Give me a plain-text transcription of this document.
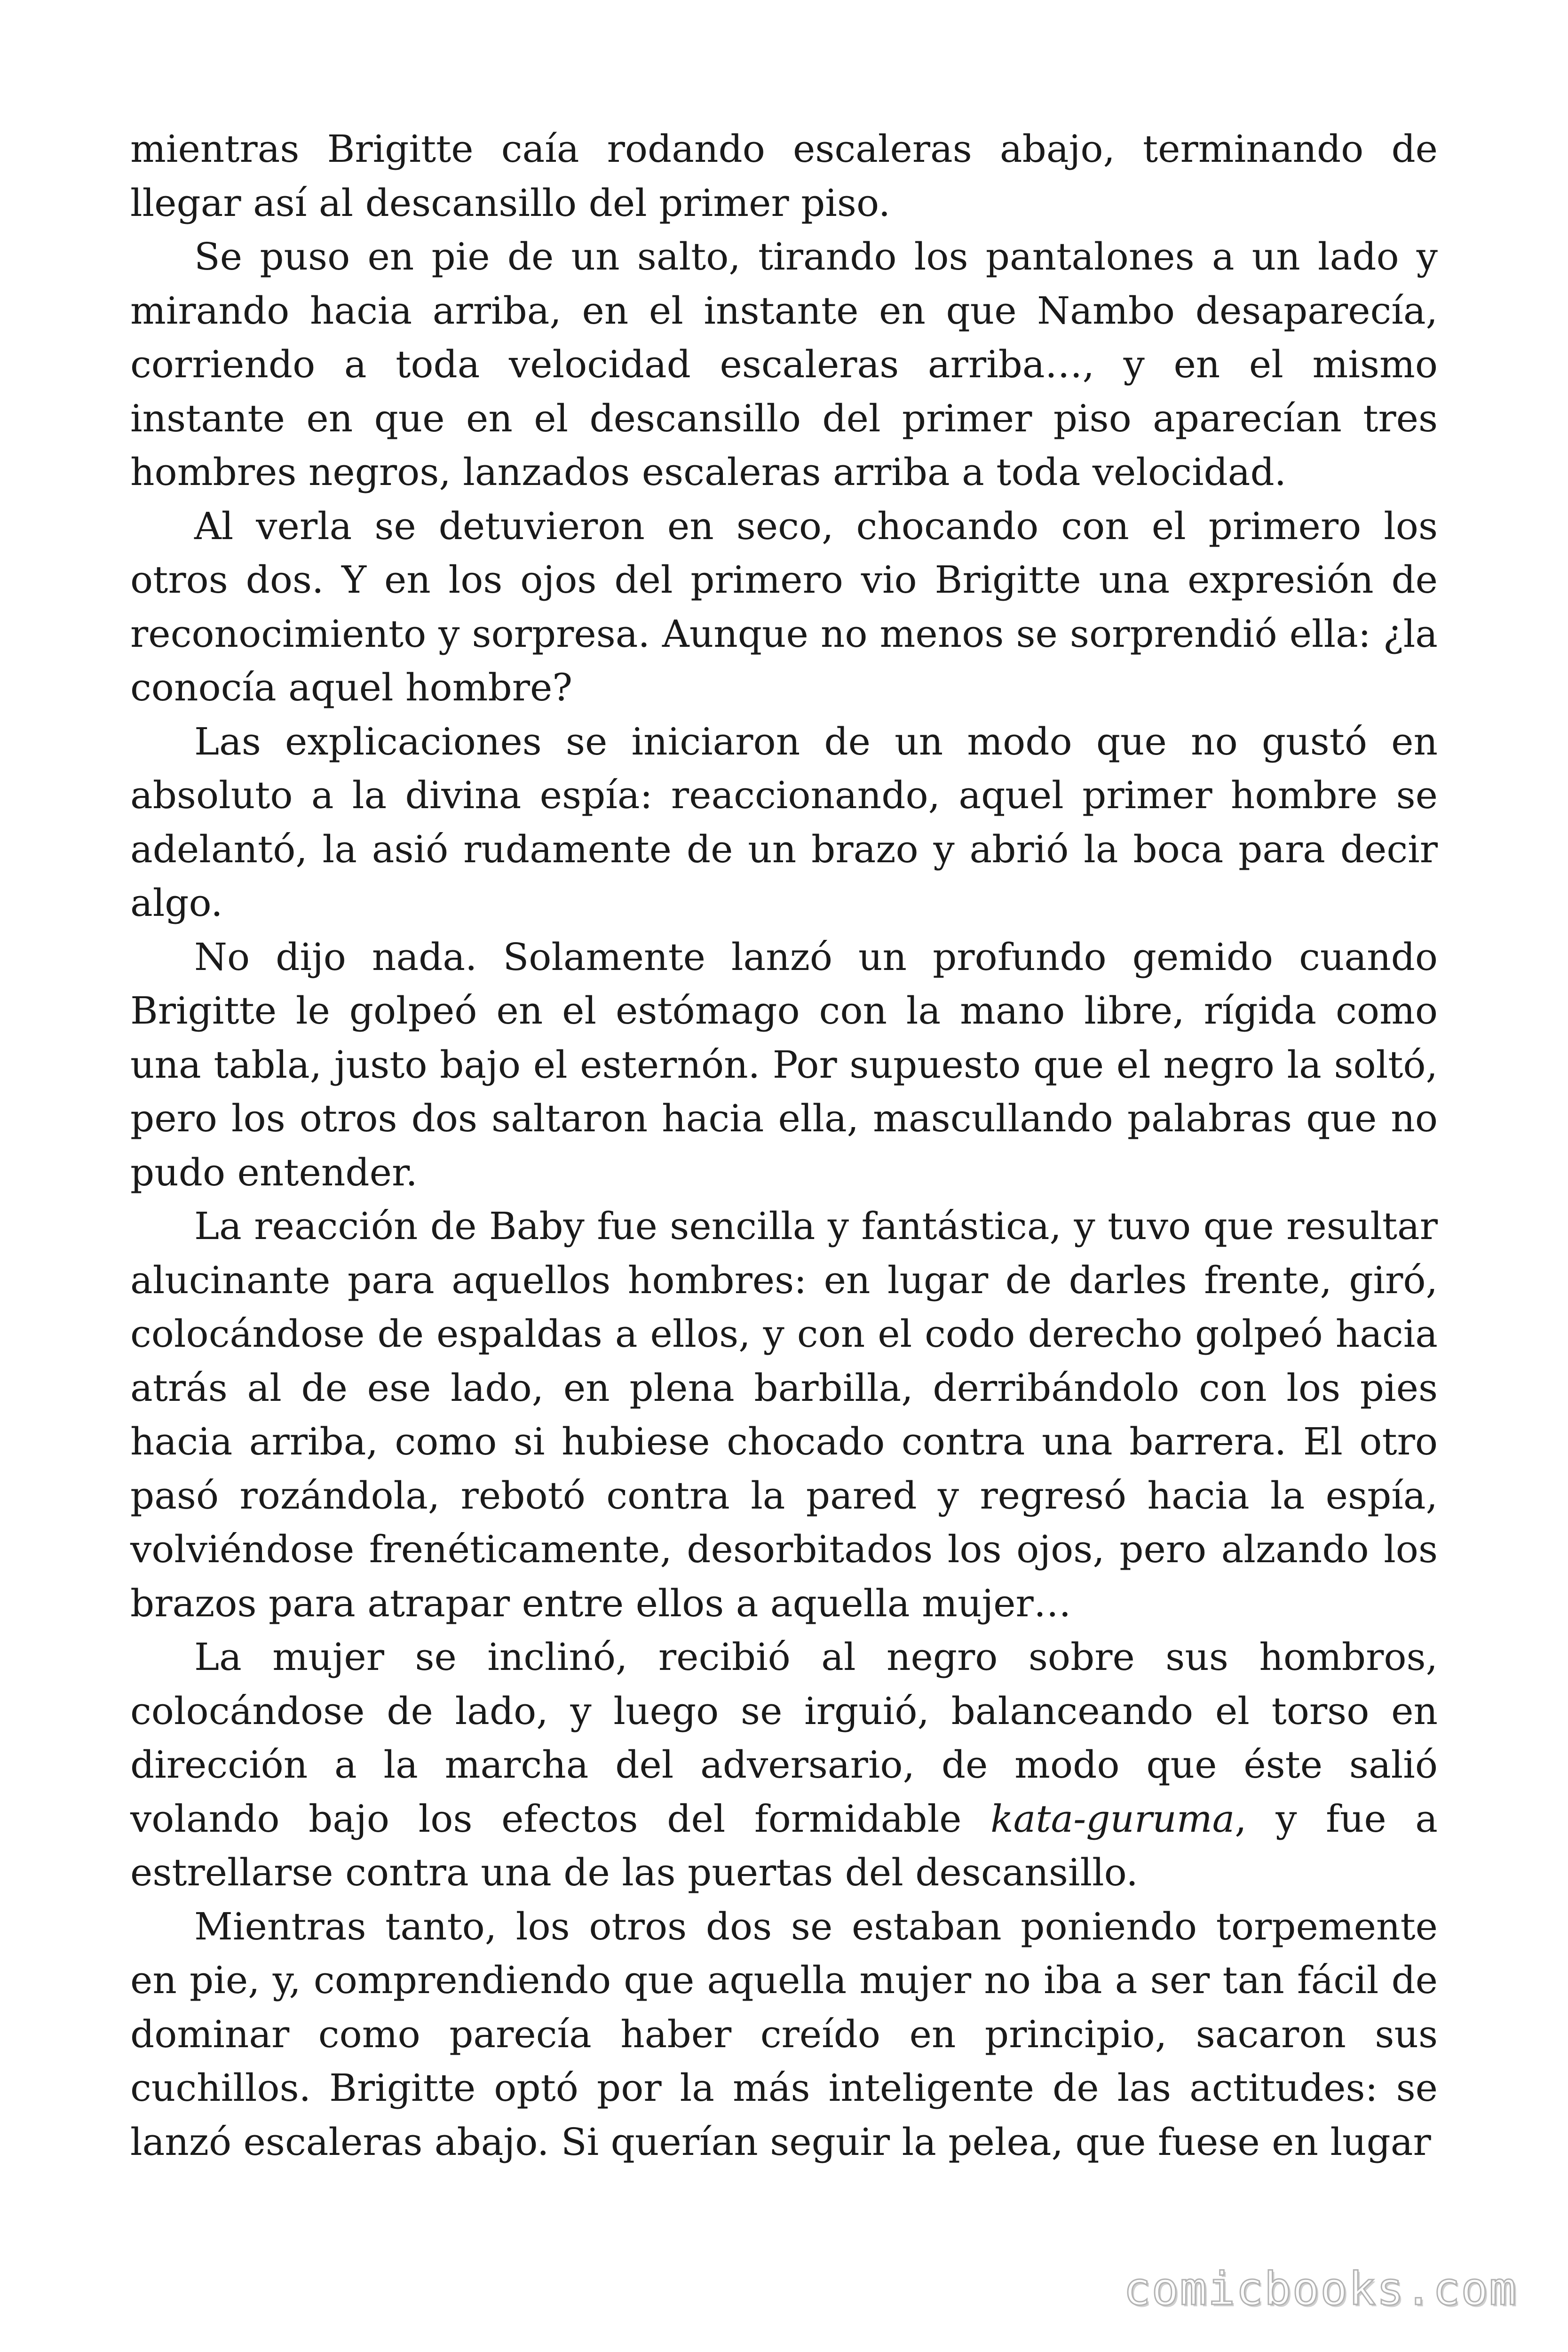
mientras Brigitte caía rodando escaleras abajo, terminando de llegar así al descansillo del primer piso.

Se puso en pie de un salto, tirando los pantalones a un lado y mirando hacia arriba, en el instante en que Nambo desaparecía, corriendo a toda velocidad escaleras arriba…, y en el mismo instante en que en el descansillo del primer piso aparecían tres hombres negros, lanzados escaleras arriba a toda velocidad.

Al verla se detuvieron en seco, chocando con el primero los otros dos. Y en los ojos del primero vio Brigitte una expresión de reconocimiento y sorpresa. Aunque no menos se sorprendió ella: ¿la conocía aquel hombre?

Las explicaciones se iniciaron de un modo que no gustó en absoluto a la divina espía: reaccionando, aquel primer hombre se adelantó, la asió rudamente de un brazo y abrió la boca para decir algo.

No dijo nada. Solamente lanzó un profundo gemido cuando Brigitte le golpeó en el estómago con la mano libre, rígida como una tabla, justo bajo el esternón. Por supuesto que el negro la soltó, pero los otros dos saltaron hacia ella, mascullando palabras que no pudo entender.

La reacción de Baby fue sencilla y fantástica, y tuvo que resultar alucinante para aquellos hombres: en lugar de darles frente, giró, colocándose de espaldas a ellos, y con el codo derecho golpeó hacia atrás al de ese lado, en plena barbilla, derribándolo con los pies hacia arriba, como si hubiese chocado contra una barrera. El otro pasó rozándola, rebotó contra la pared y regresó hacia la espía, volviéndose frenéticamente, desorbitados los ojos, pero alzando los brazos para atrapar entre ellos a aquella mujer…

La mujer se inclinó, recibió al negro sobre sus hombros, colocándose de lado, y luego se irguió, balanceando el torso en dirección a la marcha del adversario, de modo que éste salió volando bajo los efectos del formidable kata-guruma, y fue a estrellarse contra una de las puertas del descansillo.

Mientras tanto, los otros dos se estaban poniendo torpemente en pie, y, comprendiendo que aquella mujer no iba a ser tan fácil de dominar como parecía haber creído en principio, sacaron sus cuchillos. Brigitte optó por la más inteligente de las actitudes: se lanzó escaleras abajo. Si querían seguir la pelea, que fuese en lugar

comicbooks.com
